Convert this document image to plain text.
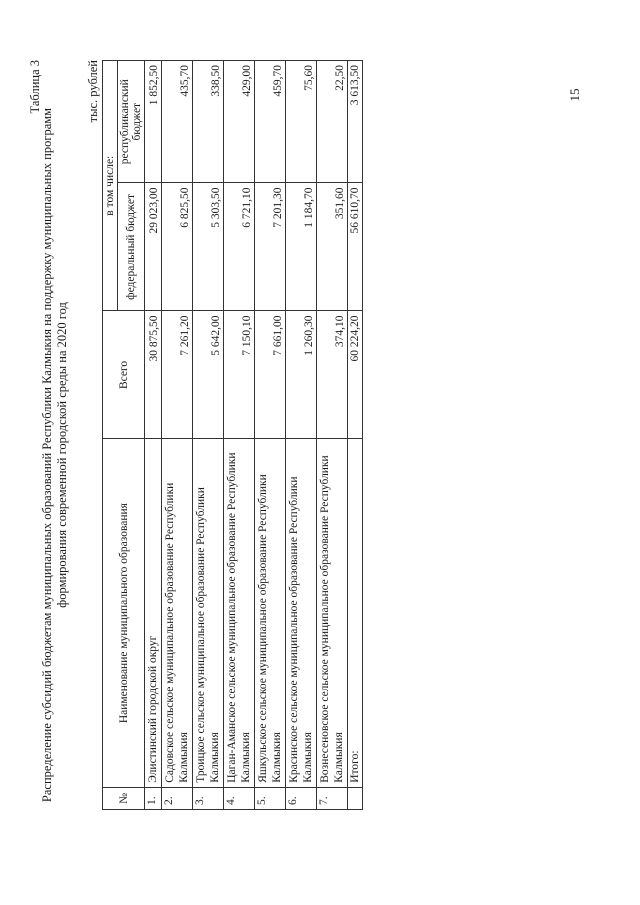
15
Таблица 3
Распределение субсидий бюджетам муниципальных образований Республики Калмыкия на поддержку муниципальных программ формирования современной городской среды на 2020 год
тыс. рублей
№	Наименование муниципального образования	Всего	в том числе:	
			федеральный бюджет	республиканский бюджет
1.	Элистинский городской округ	30 875,50	29 023,00	1 852,50
2.	Садовское сельское муниципальное образование Республики Калмыкия	7 261,20	6 825,50	435,70
3.	Троицкое сельское муниципальное образование Республики Калмыкия	5 642,00	5 303,50	338,50
4.	Цаган-Аманское сельское муниципальное образование Республики Калмыкия	7 150,10	6 721,10	429,00
5.	Яшкульское сельское муниципальное образование Республики Калмыкия	7 661,00	7 201,30	459,70
6.	Красинское сельское муниципальное образование Республики Калмыкия	1 260,30	1 184,70	75,60
7.	Вознесеновское сельское муниципальное образование Республики Калмыкия	374,10	351,60	22,50
	Итого:	60 224,20	56 610,70	3 613,50
